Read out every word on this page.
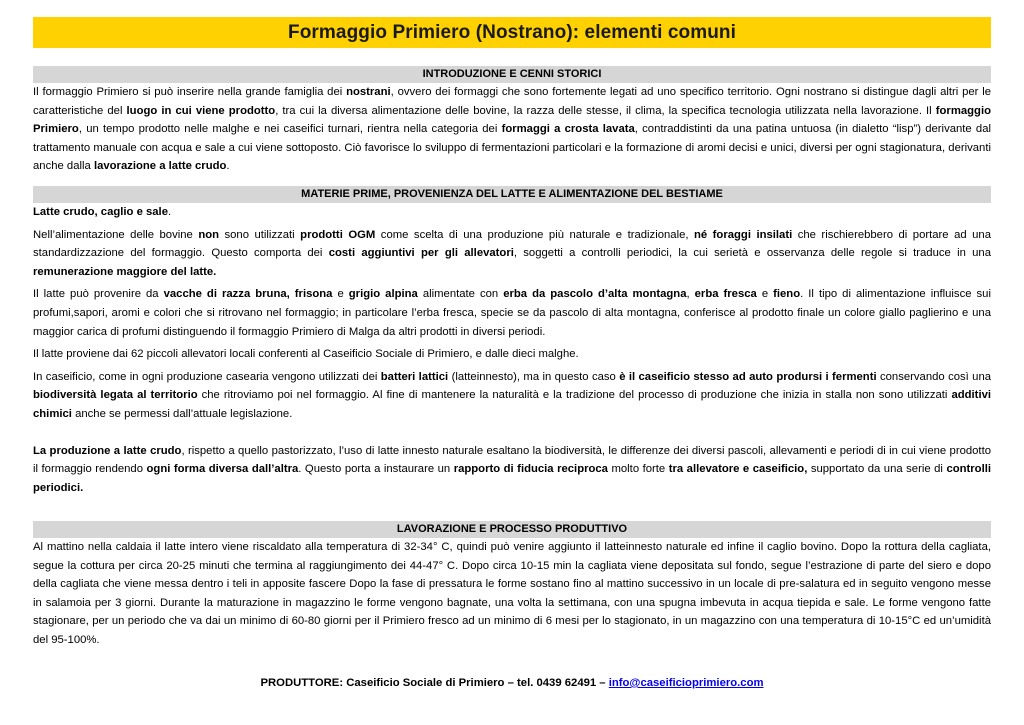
Formaggio Primiero (Nostrano): elementi comuni
INTRODUZIONE E CENNI STORICI

Il formaggio Primiero si può inserire nella grande famiglia dei nostrani, ovvero dei formaggi che sono fortemente legati ad uno specifico territorio. Ogni nostrano si distingue dagli altri per le caratteristiche del luogo in cui viene prodotto, tra cui la diversa alimentazione delle bovine, la razza delle stesse, il clima, la specifica tecnologia utilizzata nella lavorazione. Il formaggio Primiero, un tempo prodotto nelle malghe e nei caseifici turnari, rientra nella categoria dei formaggi a crosta lavata, contraddistinti da una patina untuosa (in dialetto “lisp”) derivante dal trattamento manuale con acqua e sale a cui viene sottoposto. Ciò favorisce lo sviluppo di fermentazioni particolari e la formazione di aromi decisi e unici, diversi per ogni stagionatura, derivanti anche dalla lavorazione a latte crudo.

MATERIE PRIME, PROVENIENZA DEL LATTE E ALIMENTAZIONE DEL BESTIAME

Latte crudo, caglio e sale.

Nell’alimentazione delle bovine non sono utilizzati prodotti OGM come scelta di una produzione più naturale e tradizionale, né foraggi insilati che rischierebbero di portare ad una standardizzazione del formaggio. Questo comporta dei costi aggiuntivi per gli allevatori, soggetti a controlli periodici, la cui serietà e osservanza delle regole si traduce in una remunerazione maggiore del latte.

Il latte può provenire da vacche di razza bruna, frisona e grigio alpina alimentate con erba da pascolo d’alta montagna, erba fresca e fieno. Il tipo di alimentazione influisce sui profumi,sapori, aromi e colori che si ritrovano nel formaggio; in particolare l’erba fresca, specie se da pascolo di alta montagna, conferisce al prodotto finale un colore giallo paglierino e una maggior carica di profumi distinguendo il formaggio Primiero di Malga da altri prodotti in diversi periodi.

Il latte proviene dai 62 piccoli allevatori locali conferenti al Caseificio Sociale di Primiero, e dalle dieci malghe.

In caseificio, come in ogni produzione casearia vengono utilizzati dei batteri lattici (latteinnesto), ma in questo caso è il caseificio stesso ad auto prodursi i fermenti conservando così una biodiversità legata al territorio che ritroviamo poi nel formaggio. Al fine di mantenere la naturalità e la tradizione del processo di produzione che inizia in stalla non sono utilizzati additivi chimici anche se permessi dall’attuale legislazione.

La produzione a latte crudo, rispetto a quello pastorizzato, l’uso di latte innesto naturale esaltano la biodiversità, le differenze dei diversi pascoli, allevamenti e periodi di in cui viene prodotto il formaggio rendendo ogni forma diversa dall’altra. Questo porta a instaurare un rapporto di fiducia reciproca molto forte tra allevatore e caseificio, supportato da una serie di controlli periodici.

LAVORAZIONE E PROCESSO PRODUTTIVO

Al mattino nella caldaia il latte intero viene riscaldato alla temperatura di 32-34° C, quindi può venire aggiunto il latteinnesto naturale ed infine il caglio bovino. Dopo la rottura della cagliata, segue la cottura per circa 20-25 minuti che termina al raggiungimento dei 44-47° C. Dopo circa 10-15 min la cagliata viene depositata sul fondo, segue l’estrazione di parte del siero e dopo della cagliata che viene messa dentro i teli in apposite fascere Dopo la fase di pressatura le forme sostano fino al mattino successivo in un locale di pre-salatura ed in seguito vengono messe in salamoia per 3 giorni. Durante la maturazione in magazzino le forme vengono bagnate, una volta la settimana, con una spugna imbevuta in acqua tiepida e sale. Le forme vengono fatte stagionare, per un periodo che va dai un minimo di 60-80 giorni per il Primiero fresco ad un minimo di 6 mesi per lo stagionato, in un magazzino con una temperatura di 10-15°C ed un’umidità del 95-100%.

PRODUTTORE: Caseificio Sociale di Primiero – tel. 0439 62491 – info@caseificioprimiero.com
